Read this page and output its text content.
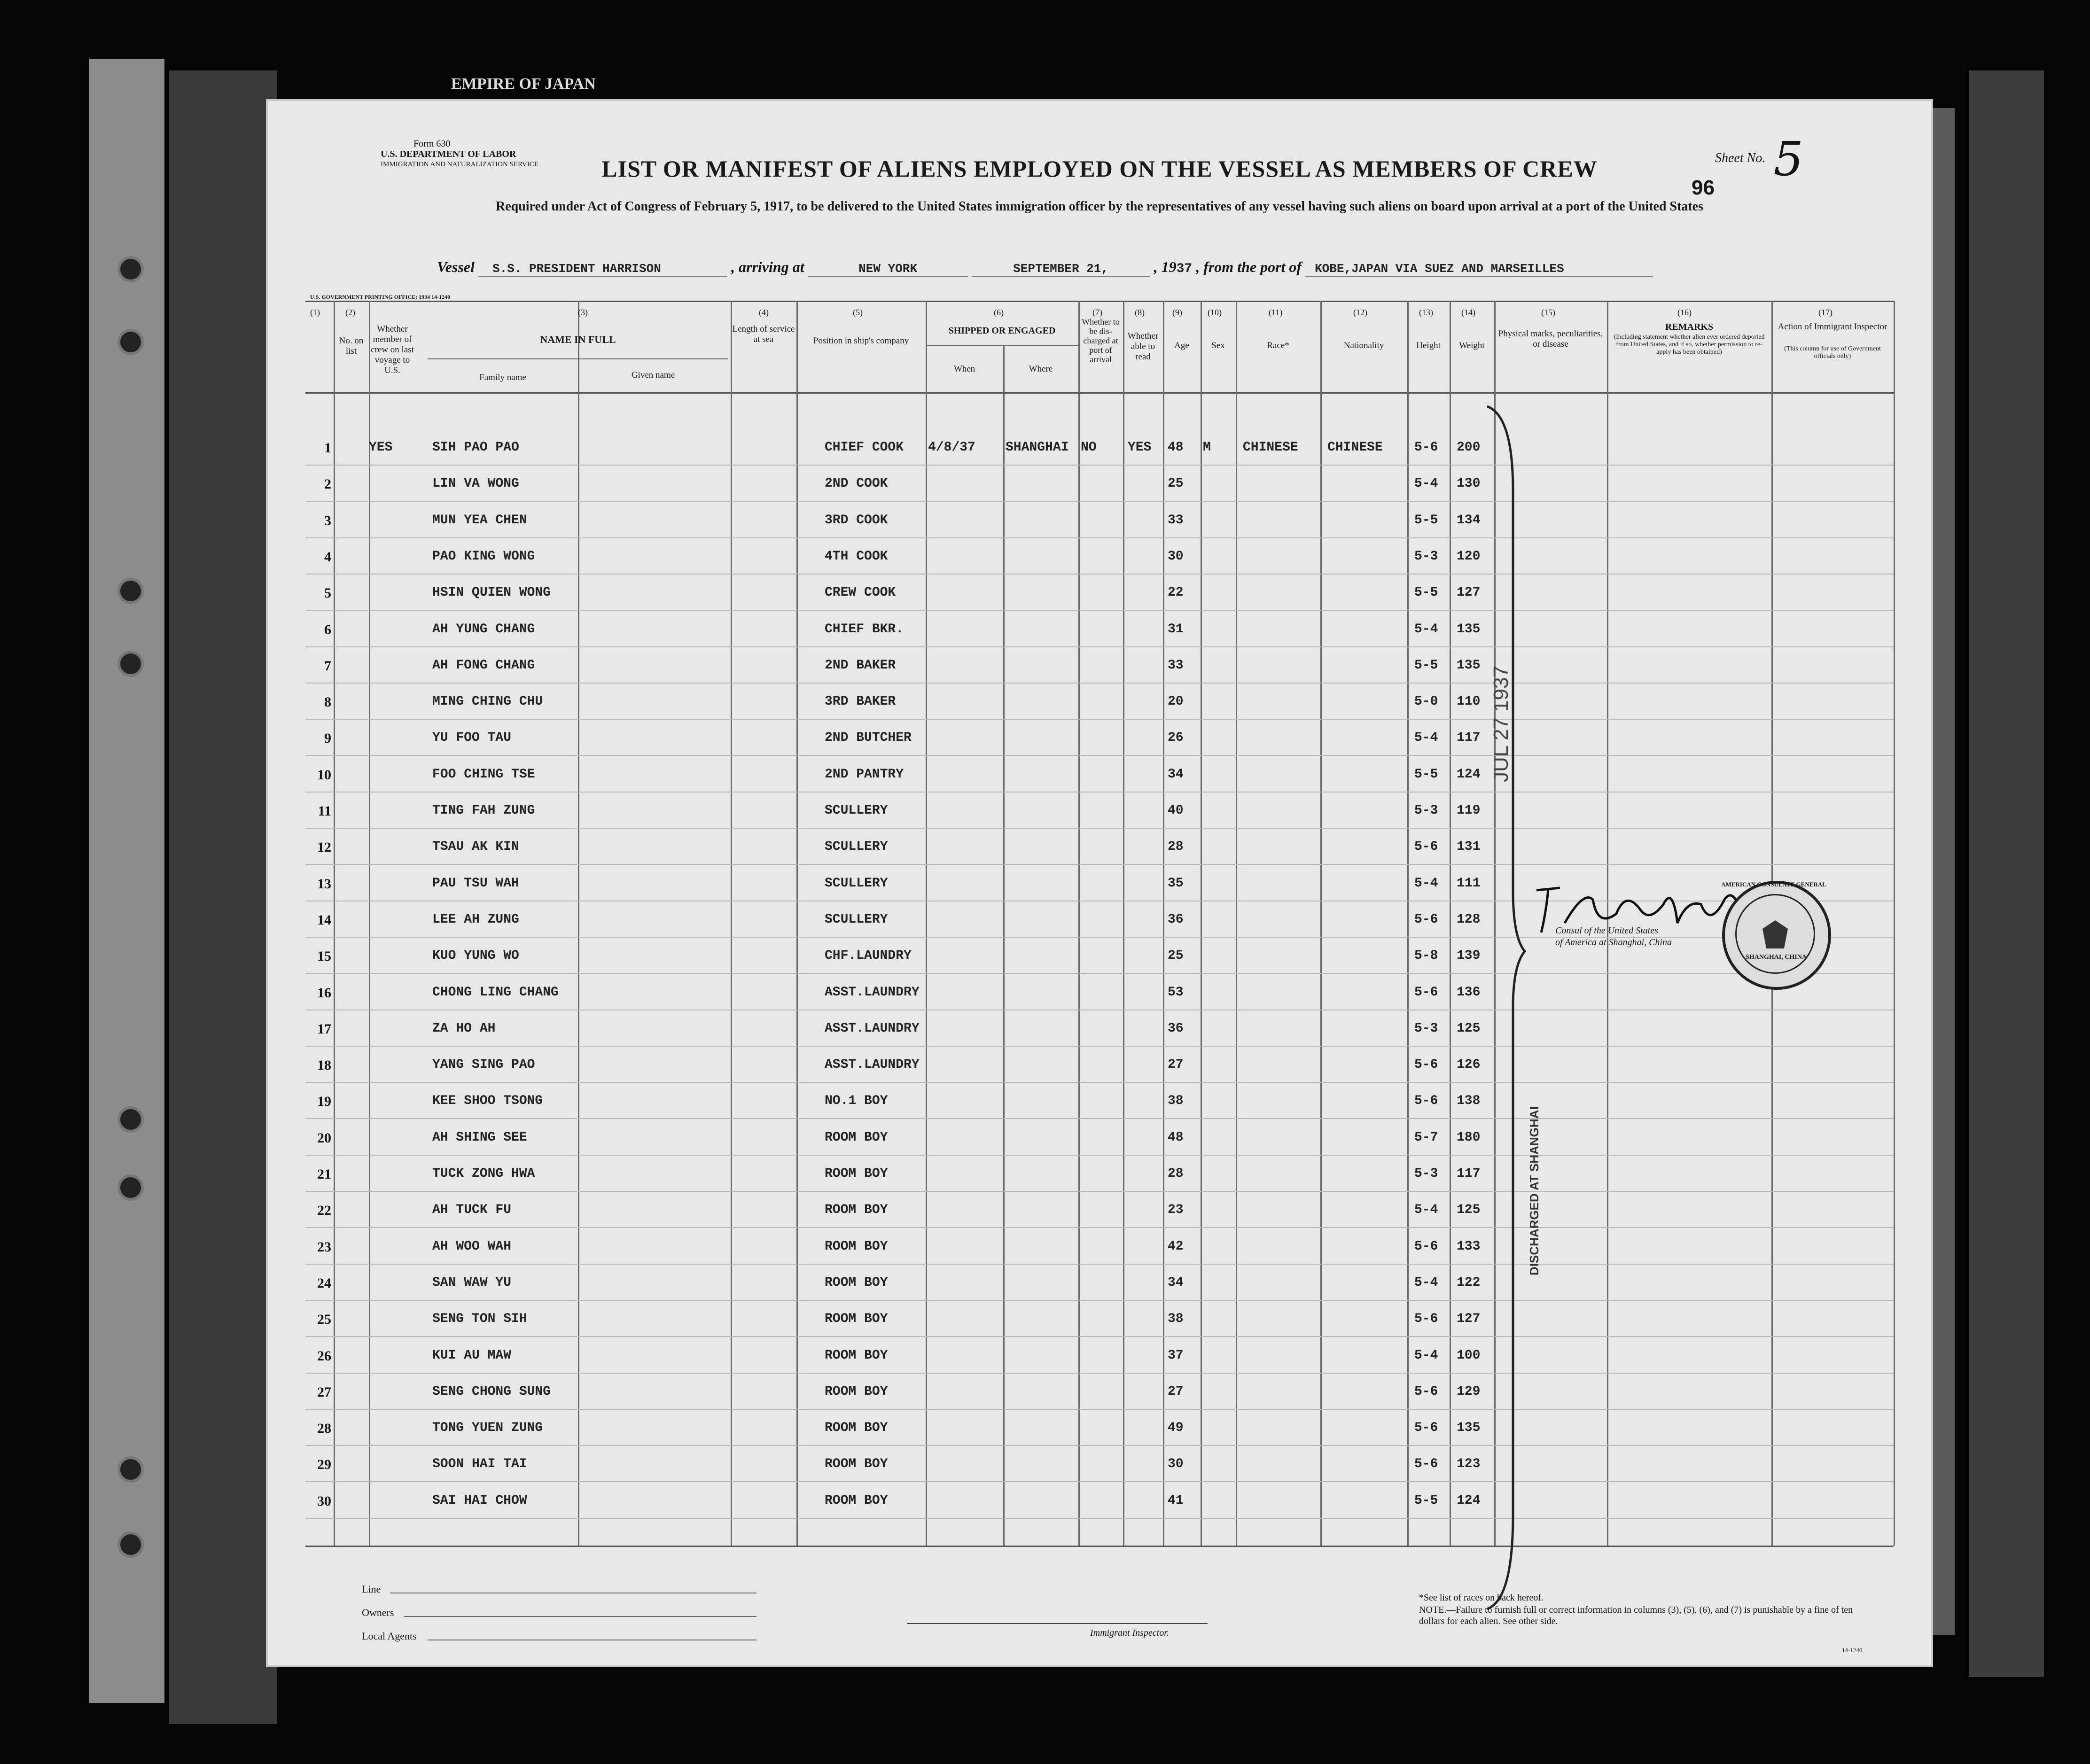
EMPIRE OF JAPAN
Form 630
U.S. DEPARTMENT OF LABOR
IMMIGRATION AND NATURALIZATION SERVICE	Sheet No. 5
96
LIST OR MANIFEST OF ALIENS EMPLOYED ON THE VESSEL AS MEMBERS OF CREW
Required under Act of Congress of February 5, 1917, to be delivered to the United States immigration officer by the representatives of any vessel having such aliens on board upon arrival at a port of the United States
Vessel S.S. PRESIDENT HARRISON	, arriving at	NEW YORK	SEPTEMBER 21,	, 1937 , from the port of KOBE,JAPAN VIA SUEZ AND MARSEILLES
U.S. GOVERNMENT PRINTING OFFICE: 1934 14-1240
(1)	(2)	(3)	(4)	(5)	(6)	(7)	(8)	(9)	(10)	(11)	(12)	(13)	(14)	(15)	(16)	(17)
No. on list
Whether member of crew on last voyage to U.S.
NAME IN FULL
Family name	Given name
Length of service at sea	Position in ship's company
SHIPPED OR ENGAGED
When	Where
Whether to be dis-charged at port of arrival
Whether able to read
Age	Sex	Race*	Nationality	Height	Weight
Physical marks, peculiarities, or disease
REMARKS
(Including statement whether alien ever ordered deported from United States, and if so, whether permission to re-apply has been obtained)
Action of Immigrant Inspector
(This column for use of Government officials only)
1	YES	SIH PAO PAO	CHIEF COOK	4/8/37	SHANGHAI NO	YES	48	M	CHINESE	CHINESE	5-6	200
2	LIN VA WONG	2ND COOK	25	5-4	130
3	MUN YEA CHEN	3RD COOK	33	5-5	134
4	PAO KING WONG	4TH COOK	30	5-3	120
5	HSIN QUIEN WONG	CREW COOK	22	5-5	127
6	AH YUNG CHANG	CHIEF BKR.	31	5-4	135
7	AH FONG CHANG	2ND BAKER	33	5-5	135
8	MING CHING CHU	3RD BAKER	20	5-0	110
9	YU FOO TAU	2ND BUTCHER	26	5-4	117
10	FOO CHING TSE	2ND PANTRY	34	5-5	124
11	TING FAH ZUNG	SCULLERY	40	5-3	119
12	TSAU AK KIN	SCULLERY	28	5-6	131
13	PAU TSU WAH	SCULLERY	35	5-4	111
14	LEE AH ZUNG	SCULLERY	36	5-6	128
15	KUO YUNG WO	CHF.LAUNDRY	25	5-8	139
16	CHONG LING CHANG	ASST.LAUNDRY	53	5-6	136
17	ZA HO AH	ASST.LAUNDRY	36	5-3	125
18	YANG SING PAO	ASST.LAUNDRY	27	5-6	126
19	KEE SHOO TSONG	NO.1 BOY	38	5-6	138
20	AH SHING SEE	ROOM BOY	48	5-7	180
21	TUCK ZONG HWA	ROOM BOY	28	5-3	117
22	AH TUCK FU	ROOM BOY	23	5-4	125
23	AH WOO WAH	ROOM BOY	42	5-6	133
24	SAN WAW YU	ROOM BOY	34	5-4	122
25	SENG TON SIH	ROOM BOY	38	5-6	127
26	KUI AU MAW	ROOM BOY	37	5-4	100
27	SENG CHONG SUNG	ROOM BOY	27	5-6	129
28	TONG YUEN ZUNG	ROOM BOY	49	5-6	135
29	SOON HAI TAI	ROOM BOY	30	5-6	123
30	SAI HAI CHOW	ROOM BOY	41	5-5	124
JUL 27 1937
DISCHARGED AT SHANGHAI
Consul of the United States
of America at Shanghai, China
AMERICAN CONSULATE GENERAL
SHANGHAI, CHINA
Line
Owners
Local Agents	Immigrant Inspector.
*See list of races on back hereof.
NOTE.—Failure to furnish full or correct information in columns (3), (5), (6), and (7) is punishable by a fine of ten dollars for each alien. See other side.
14-1240
